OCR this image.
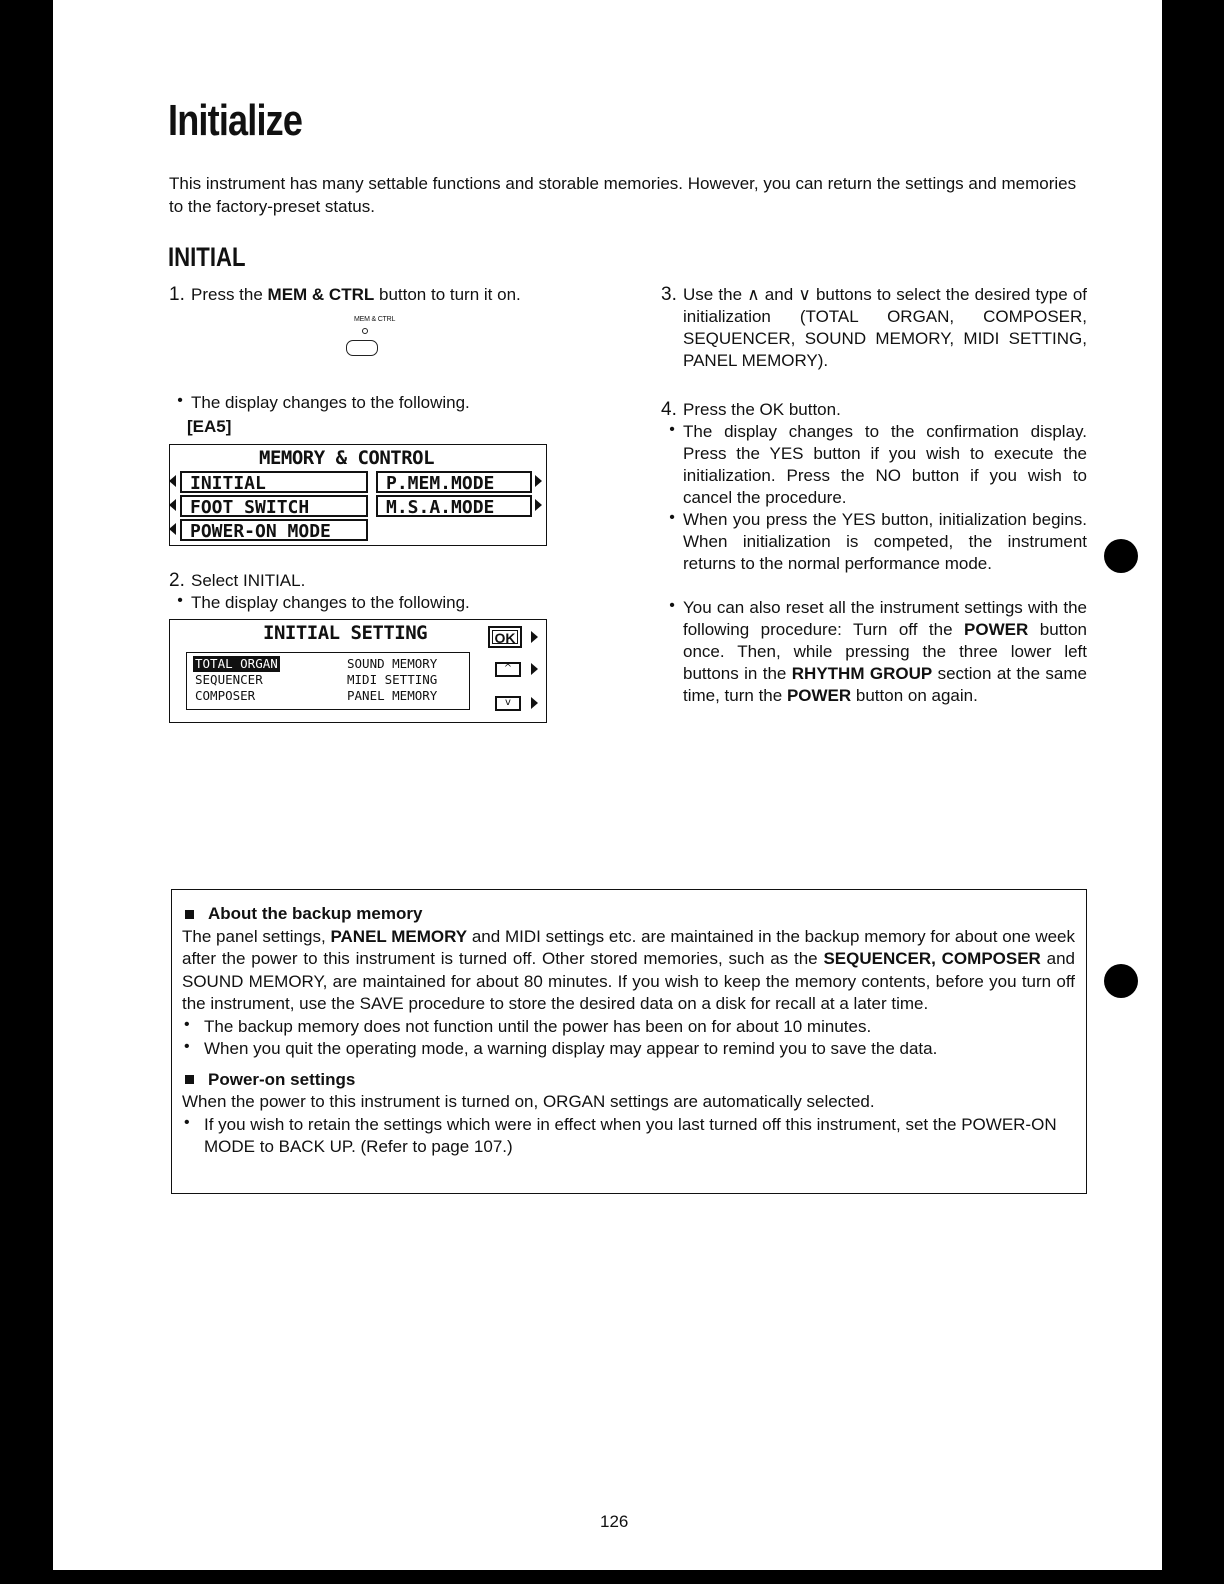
Initialize

This instrument has many settable functions and storable memories. However, you can return the settings and memories to the factory-preset status.

INITIAL
1. Press the MEM & CTRL button to turn it on.

MEM & CTRL
• The display changes to the following.

[EA5]

MEMORY & CONTROL
INITIAL	P.MEM.MODE
FOOT SWITCH	M.S.A.MODE
POWER-ON MODE
2. Select INITIAL.

• The display changes to the following.

INITIAL SETTING	OK
TOTAL ORGAN	SOUND MEMORY
SEQUENCER	MIDI SETTING
COMPOSER	PANEL MEMORY
^
v
3. Use the ∧ and ∨ buttons to select the desired type of initialization (TOTAL ORGAN, COMPOSER, SEQUENCER, SOUND MEMORY, MIDI SETTING, PANEL MEMORY).

4. Press the OK button.

• The display changes to the confirmation display. Press the YES button if you wish to execute the initialization. Press the NO button if you wish to cancel the procedure.

• When you press the YES button, initialization begins. When initialization is competed, the instrument returns to the normal performance mode.

• You can also reset all the instrument settings with the following procedure: Turn off the POWER button once. Then, while pressing the three lower left buttons in the RHYTHM GROUP section at the same time, turn the POWER button on again.

About the backup memory

The panel settings, PANEL MEMORY and MIDI settings etc. are maintained in the backup memory for about one week after the power to this instrument is turned off. Other stored memories, such as the SEQUENCER, COMPOSER and SOUND MEMORY, are maintained for about 80 minutes. If you wish to keep the memory contents, before you turn off the instrument, use the SAVE procedure to store the desired data on a disk for recall at a later time.

• The backup memory does not function until the power has been on for about 10 minutes.

• When you quit the operating mode, a warning display may appear to remind you to save the data.

Power-on settings

When the power to this instrument is turned on, ORGAN settings are automatically selected.

• If you wish to retain the settings which were in effect when you last turned off this instrument, set the POWER-ON MODE to BACK UP. (Refer to page 107.)

126
